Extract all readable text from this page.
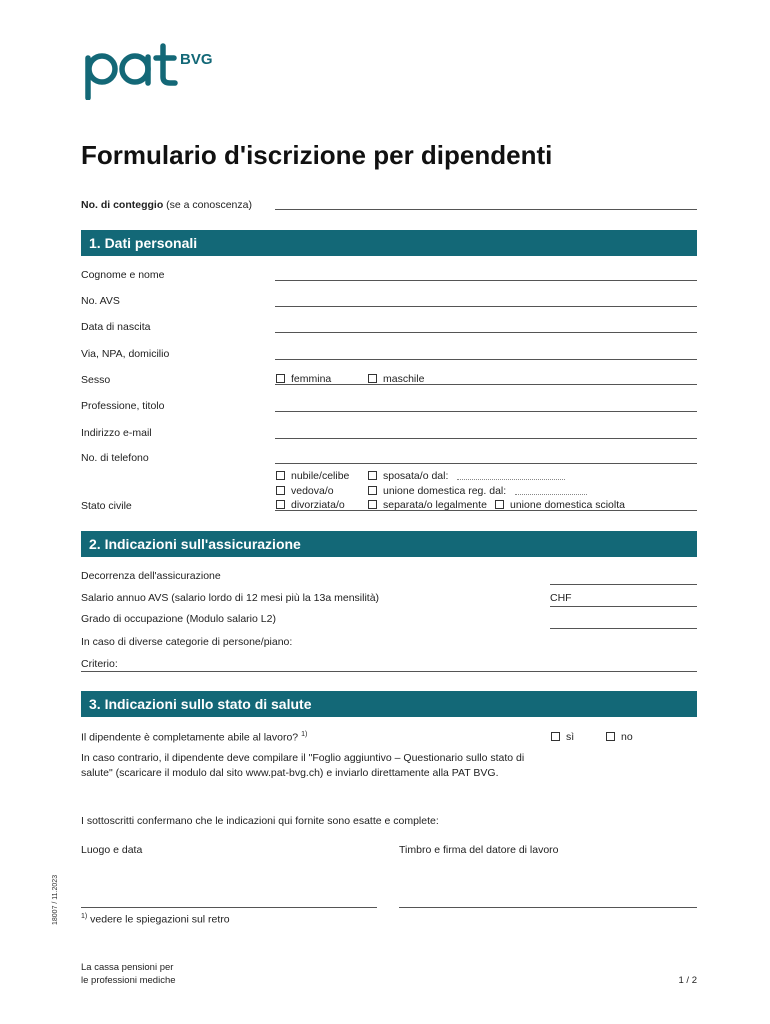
BVG
Formulario d'iscrizione per dipendenti
No. di conteggio (se a conoscenza)
1. Dati personali
Cognome e nome
No. AVS
Data di nascita
Via, NPA, domicilio
Sesso	femmina	maschile
Professione, titolo
Indirizzo e-mail
No. di telefono
nubile/celibe	sposata/o dal:
vedova/o	unione domestica reg. dal:
Stato civile	divorziata/o	separata/o legalmente	unione domestica sciolta
2. Indicazioni sull'assicurazione
Decorrenza dell'assicurazione
Salario annuo AVS (salario lordo di 12 mesi più la 13a mensilità)	CHF
Grado di occupazione (Modulo salario L2)
In caso di diverse categorie di persone/piano:
Criterio:
3. Indicazioni sullo stato di salute
Il dipendente è completamente abile al lavoro? $^{1)}$	sì	no
In caso contrario, il dipendente deve compilare il "Foglio aggiuntivo – Questionario sullo stato di
salute" (scaricare il modulo dal sito www.pat-bvg.ch) e inviarlo direttamente alla PAT BVG.
I sottoscritti confermano che le indicazioni qui fornite sono esatte e complete:
Luogo e data	Timbro e firma del datore di lavoro
$^{1)}$ vedere le spiegazioni sul retro
18007 / 11.2023
La cassa pensioni per
le professioni mediche	1 / 2
